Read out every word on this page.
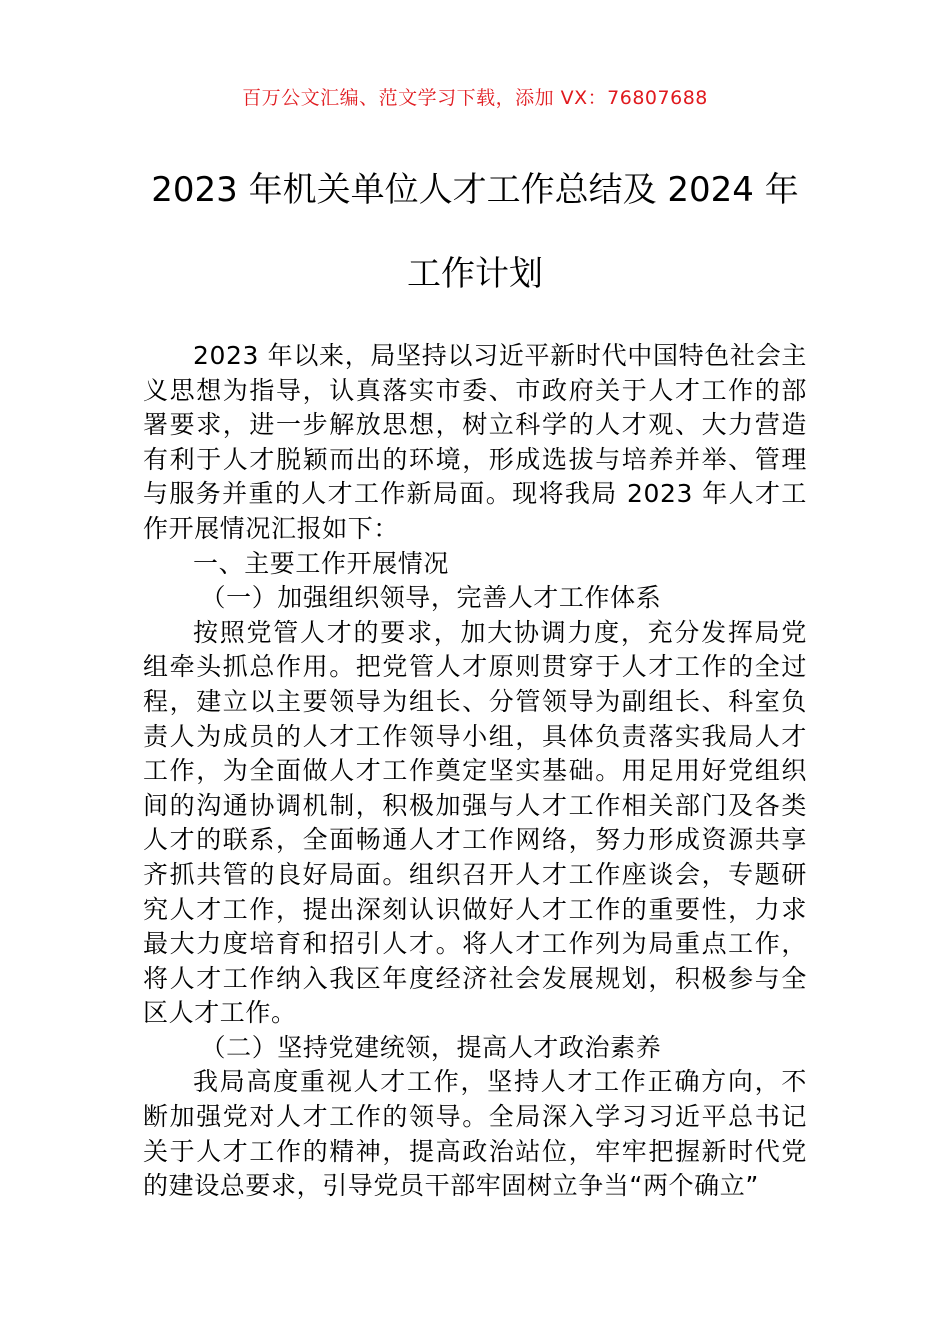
百万公文汇编、范文学习下载，添加 VX：76807688
2023 年机关单位人才工作总结及 2024 年工作计划

2023 年以来，局坚持以习近平新时代中国特色社会主义思想为指导，认真落实市委、市政府关于人才工作的部署要求，进一步解放思想，树立科学的人才观、大力营造有利于人才脱颖而出的环境，形成选拔与培养并举、管理与服务并重的人才工作新局面。现将我局 2023 年人才工作开展情况汇报如下：

一、主要工作开展情况

（一）加强组织领导，完善人才工作体系

按照党管人才的要求，加大协调力度，充分发挥局党组牵头抓总作用。把党管人才原则贯穿于人才工作的全过程，建立以主要领导为组长、分管领导为副组长、科室负责人为成员的人才工作领导小组，具体负责落实我局人才工作，为全面做人才工作奠定坚实基础。用足用好党组织间的沟通协调机制，积极加强与人才工作相关部门及各类人才的联系，全面畅通人才工作网络，努力形成资源共享齐抓共管的良好局面。组织召开人才工作座谈会，专题研究人才工作，提出深刻认识做好人才工作的重要性，力求最大力度培育和招引人才。将人才工作列为局重点工作，将人才工作纳入我区年度经济社会发展规划，积极参与全区人才工作。

（二）坚持党建统领，提高人才政治素养

我局高度重视人才工作，坚持人才工作正确方向，不断加强党对人才工作的领导。全局深入学习习近平总书记关于人才工作的精神，提高政治站位，牢牢把握新时代党的建设总要求，引导党员干部牢固树立争当“两个确立”
